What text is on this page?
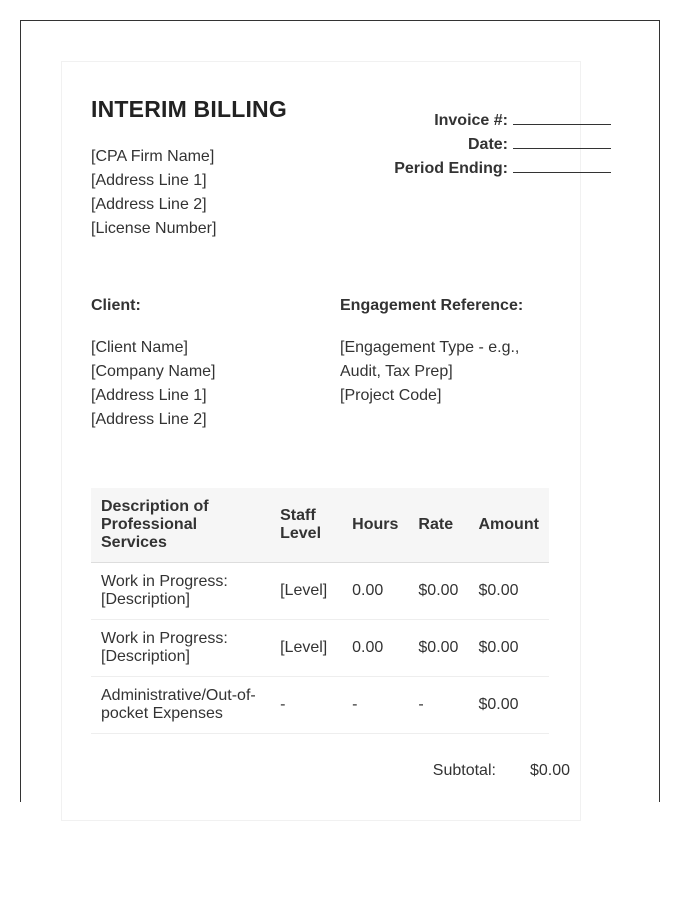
INTERIM BILLING
[CPA Firm Name]
[Address Line 1]
[Address Line 2]
[License Number]
Invoice #:
Date:
Period Ending:
Client:	Engagement Reference:
[Client Name]
[Company Name]
[Address Line 1]
[Address Line 2]
[Engagement Type - e.g.,
Audit, Tax Prep]
[Project Code]
Description of Professional Services	Staff Level	Hours	Rate	Amount
Work in Progress: [Description]	[Level]	0.00	$0.00	$0.00
Work in Progress: [Description]	[Level]	0.00	$0.00	$0.00
Administrative/Out-of-pocket Expenses	-	-	-	$0.00
Subtotal: $0.00
